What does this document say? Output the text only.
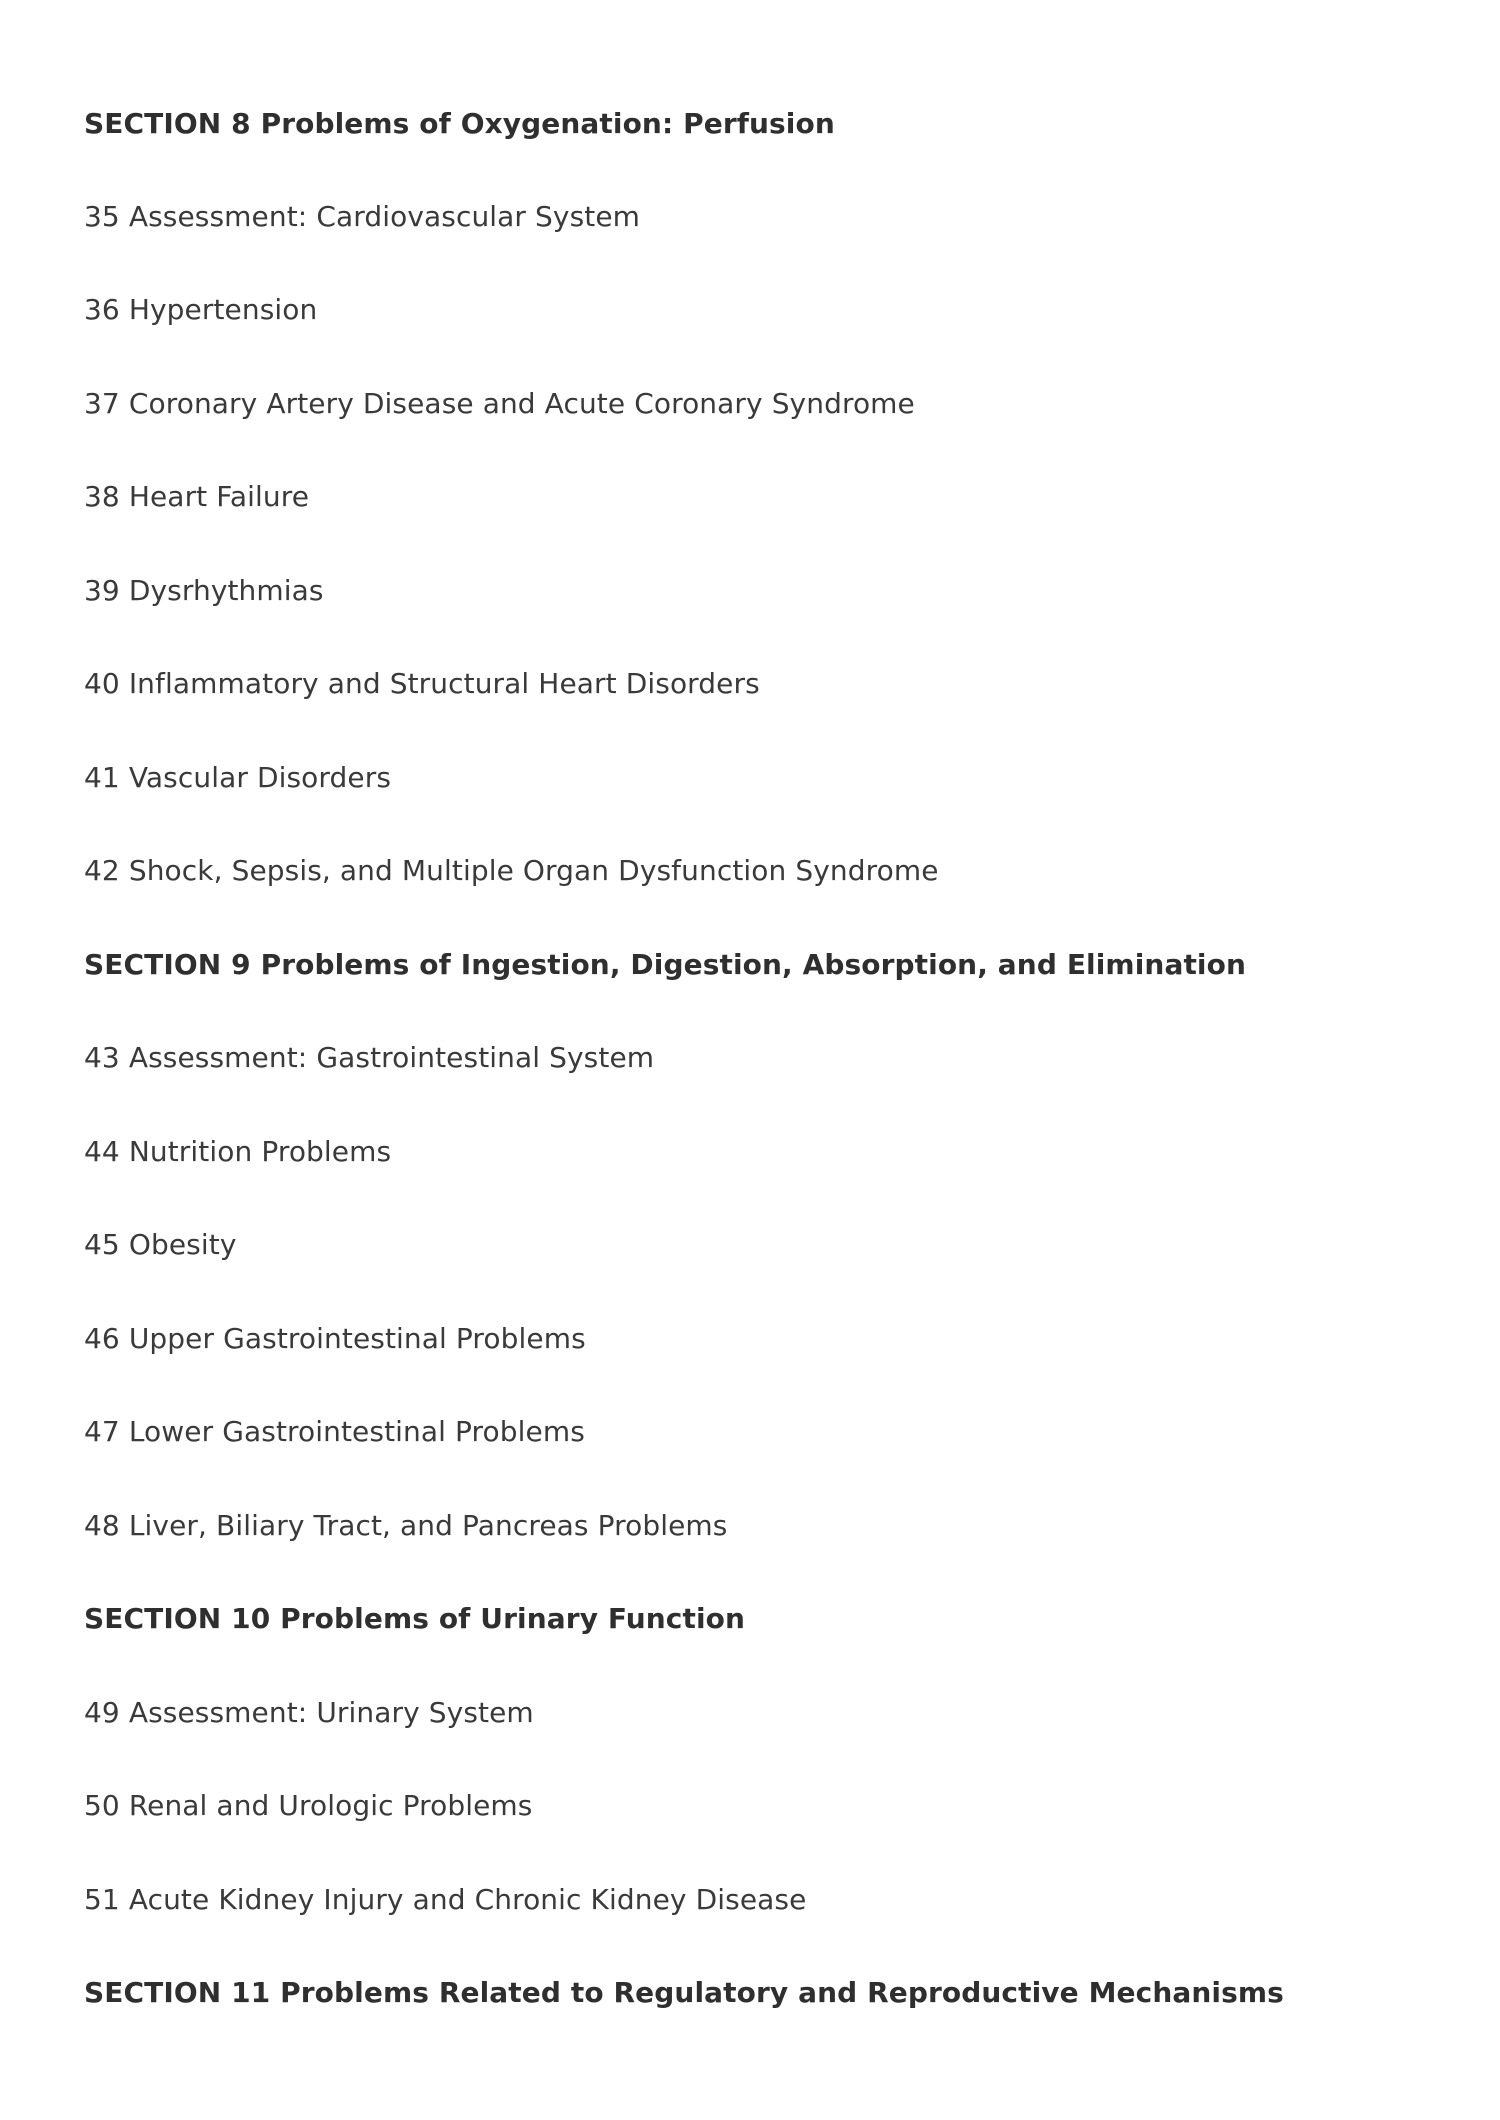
SECTION 8 Problems of Oxygenation: Perfusion
35 Assessment: Cardiovascular System
36 Hypertension
37 Coronary Artery Disease and Acute Coronary Syndrome
38 Heart Failure
39 Dysrhythmias
40 Inflammatory and Structural Heart Disorders
41 Vascular Disorders
42 Shock, Sepsis, and Multiple Organ Dysfunction Syndrome
SECTION 9 Problems of Ingestion, Digestion, Absorption, and Elimination
43 Assessment: Gastrointestinal System
44 Nutrition Problems
45 Obesity
46 Upper Gastrointestinal Problems
47 Lower Gastrointestinal Problems
48 Liver, Biliary Tract, and Pancreas Problems
SECTION 10 Problems of Urinary Function
49 Assessment: Urinary System
50 Renal and Urologic Problems
51 Acute Kidney Injury and Chronic Kidney Disease
SECTION 11 Problems Related to Regulatory and Reproductive Mechanisms
